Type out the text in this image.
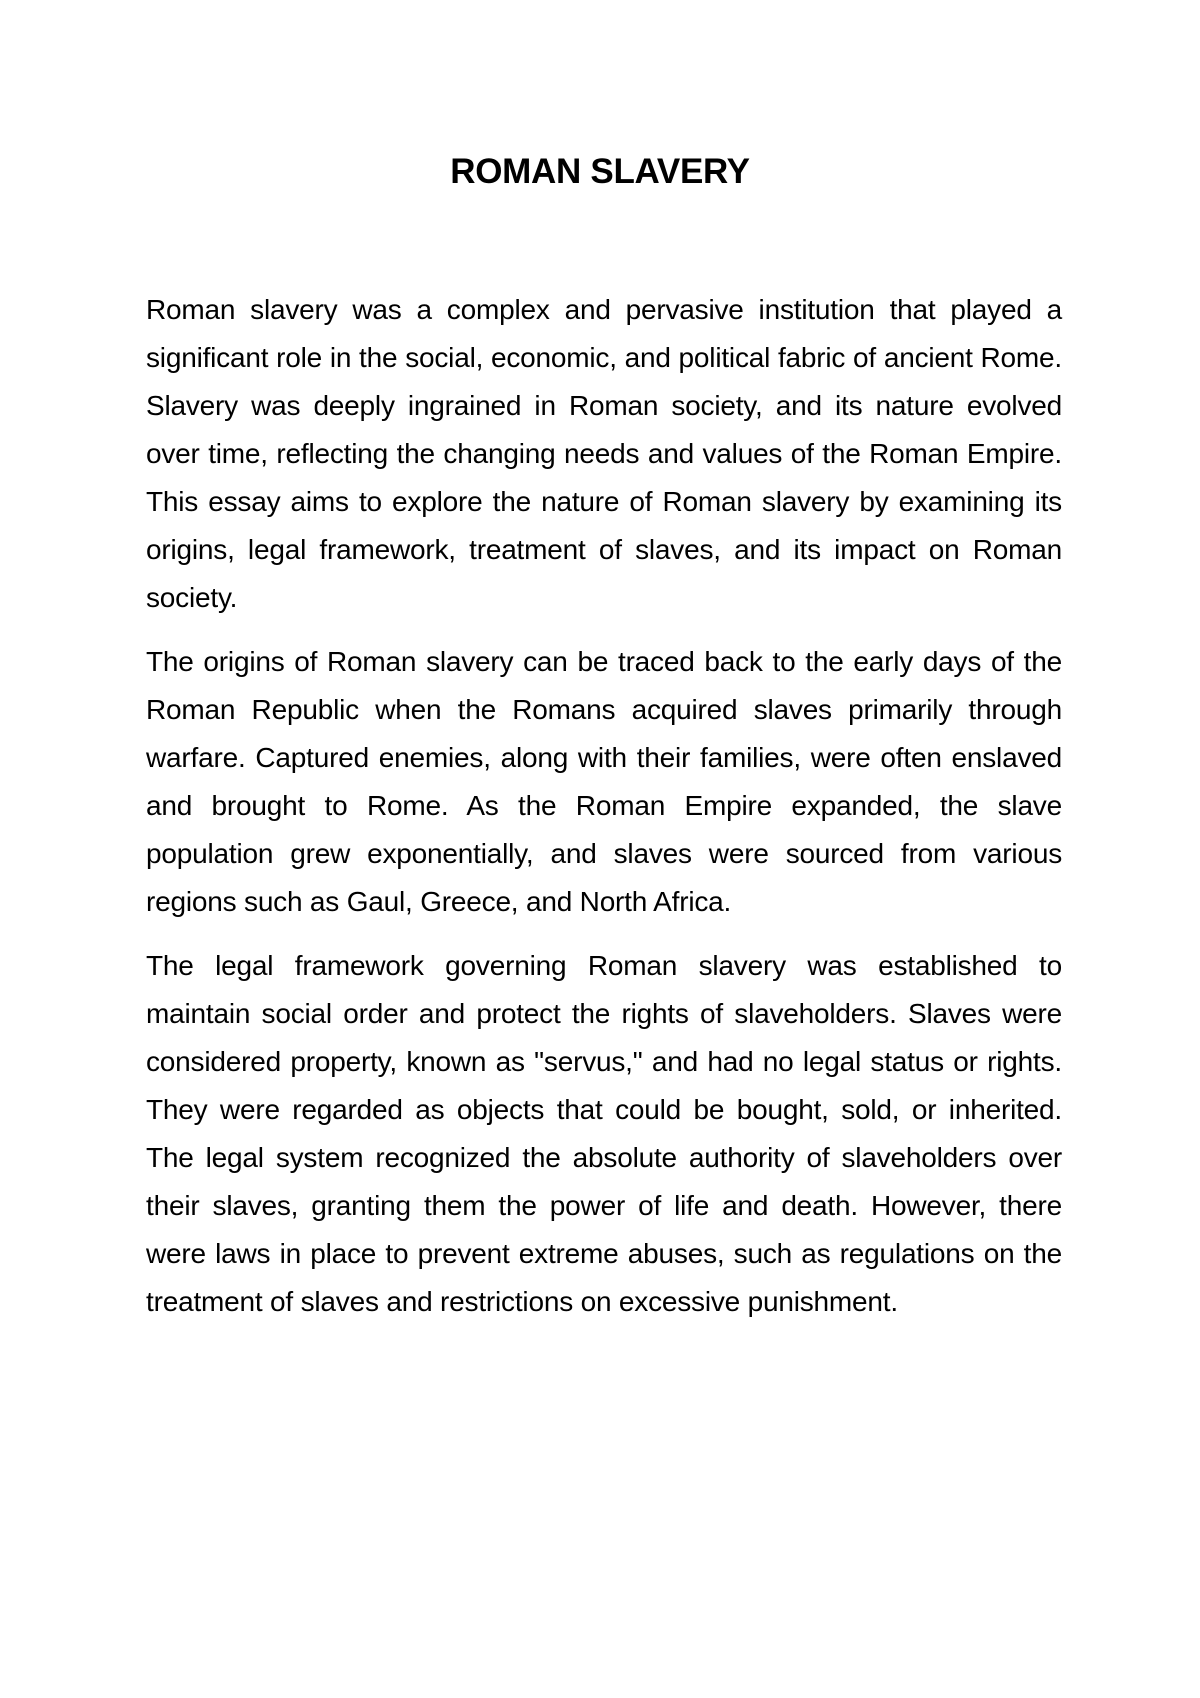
ROMAN SLAVERY

Roman slavery was a complex and pervasive institution that played a significant role in the social, economic, and political fabric of ancient Rome. Slavery was deeply ingrained in Roman society, and its nature evolved over time, reflecting the changing needs and values of the Roman Empire. This essay aims to explore the nature of Roman slavery by examining its origins, legal framework, treatment of slaves, and its impact on Roman society.

The origins of Roman slavery can be traced back to the early days of the Roman Republic when the Romans acquired slaves primarily through warfare. Captured enemies, along with their families, were often enslaved and brought to Rome. As the Roman Empire expanded, the slave population grew exponentially, and slaves were sourced from various regions such as Gaul, Greece, and North Africa.

The legal framework governing Roman slavery was established to maintain social order and protect the rights of slaveholders. Slaves were considered property, known as "servus," and had no legal status or rights. They were regarded as objects that could be bought, sold, or inherited. The legal system recognized the absolute authority of slaveholders over their slaves, granting them the power of life and death. However, there were laws in place to prevent extreme abuses, such as regulations on the treatment of slaves and restrictions on excessive punishment.
